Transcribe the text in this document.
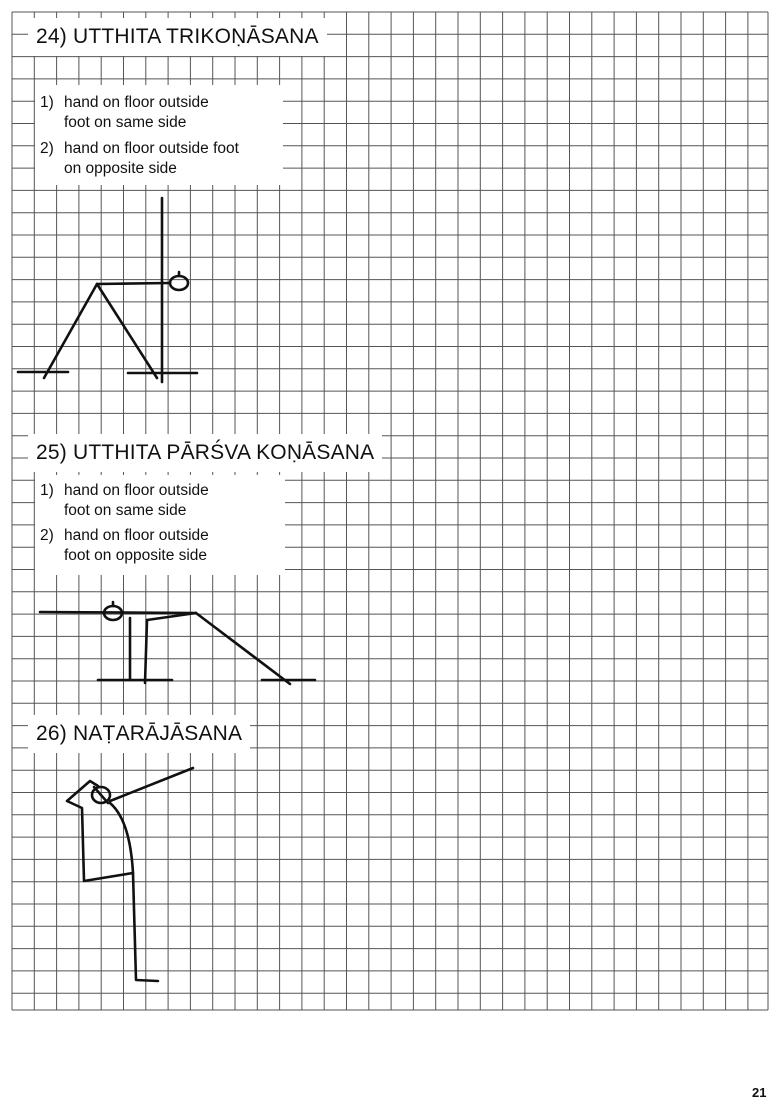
24) UTTHITA TRIKOṆĀSANA
1) hand on floor outside
foot on same side
2) hand on floor outside foot
on opposite side
25) UTTHITA PĀRŚVA KOṆĀSANA
1) hand on floor outside
foot on same side
2) hand on floor outside
foot on opposite side
26) NAṬARĀJĀSANA
21
